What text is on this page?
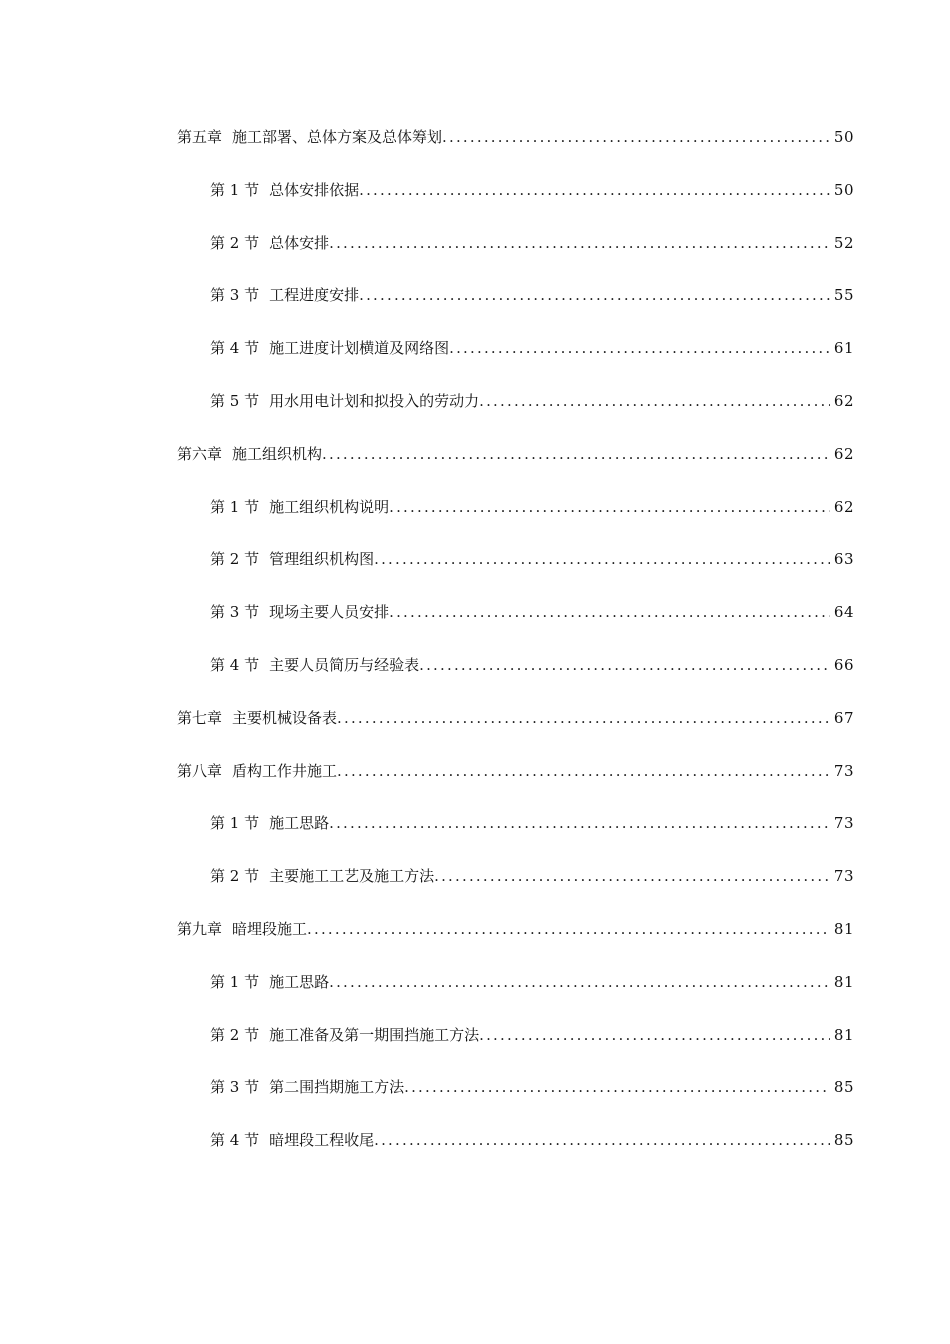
第五章 施工部署、总体方案及总体筹划 .....	50
第 1 节 总体安排依据 .....	50
第 2 节 总体安排 .....	52
第 3 节 工程进度安排 .....	55
第 4 节 施工进度计划横道及网络图 .....	61
第 5 节 用水用电计划和拟投入的劳动力 .....	62
第六章 施工组织机构 .....	62
第 1 节 施工组织机构说明 .....	62
第 2 节 管理组织机构图 .....	63
第 3 节 现场主要人员安排 .....	64
第 4 节 主要人员简历与经验表 .....	66
第七章 主要机械设备表 .....	67
第八章 盾构工作井施工 .....	73
第 1 节 施工思路 .....	73
第 2 节 主要施工工艺及施工方法 .....	73
第九章 暗埋段施工 .....	81
第 1 节 施工思路 .....	81
第 2 节 施工准备及第一期围挡施工方法 .....	81
第 3 节 第二围挡期施工方法 .....	85
第 4 节 暗埋段工程收尾 .....	85
